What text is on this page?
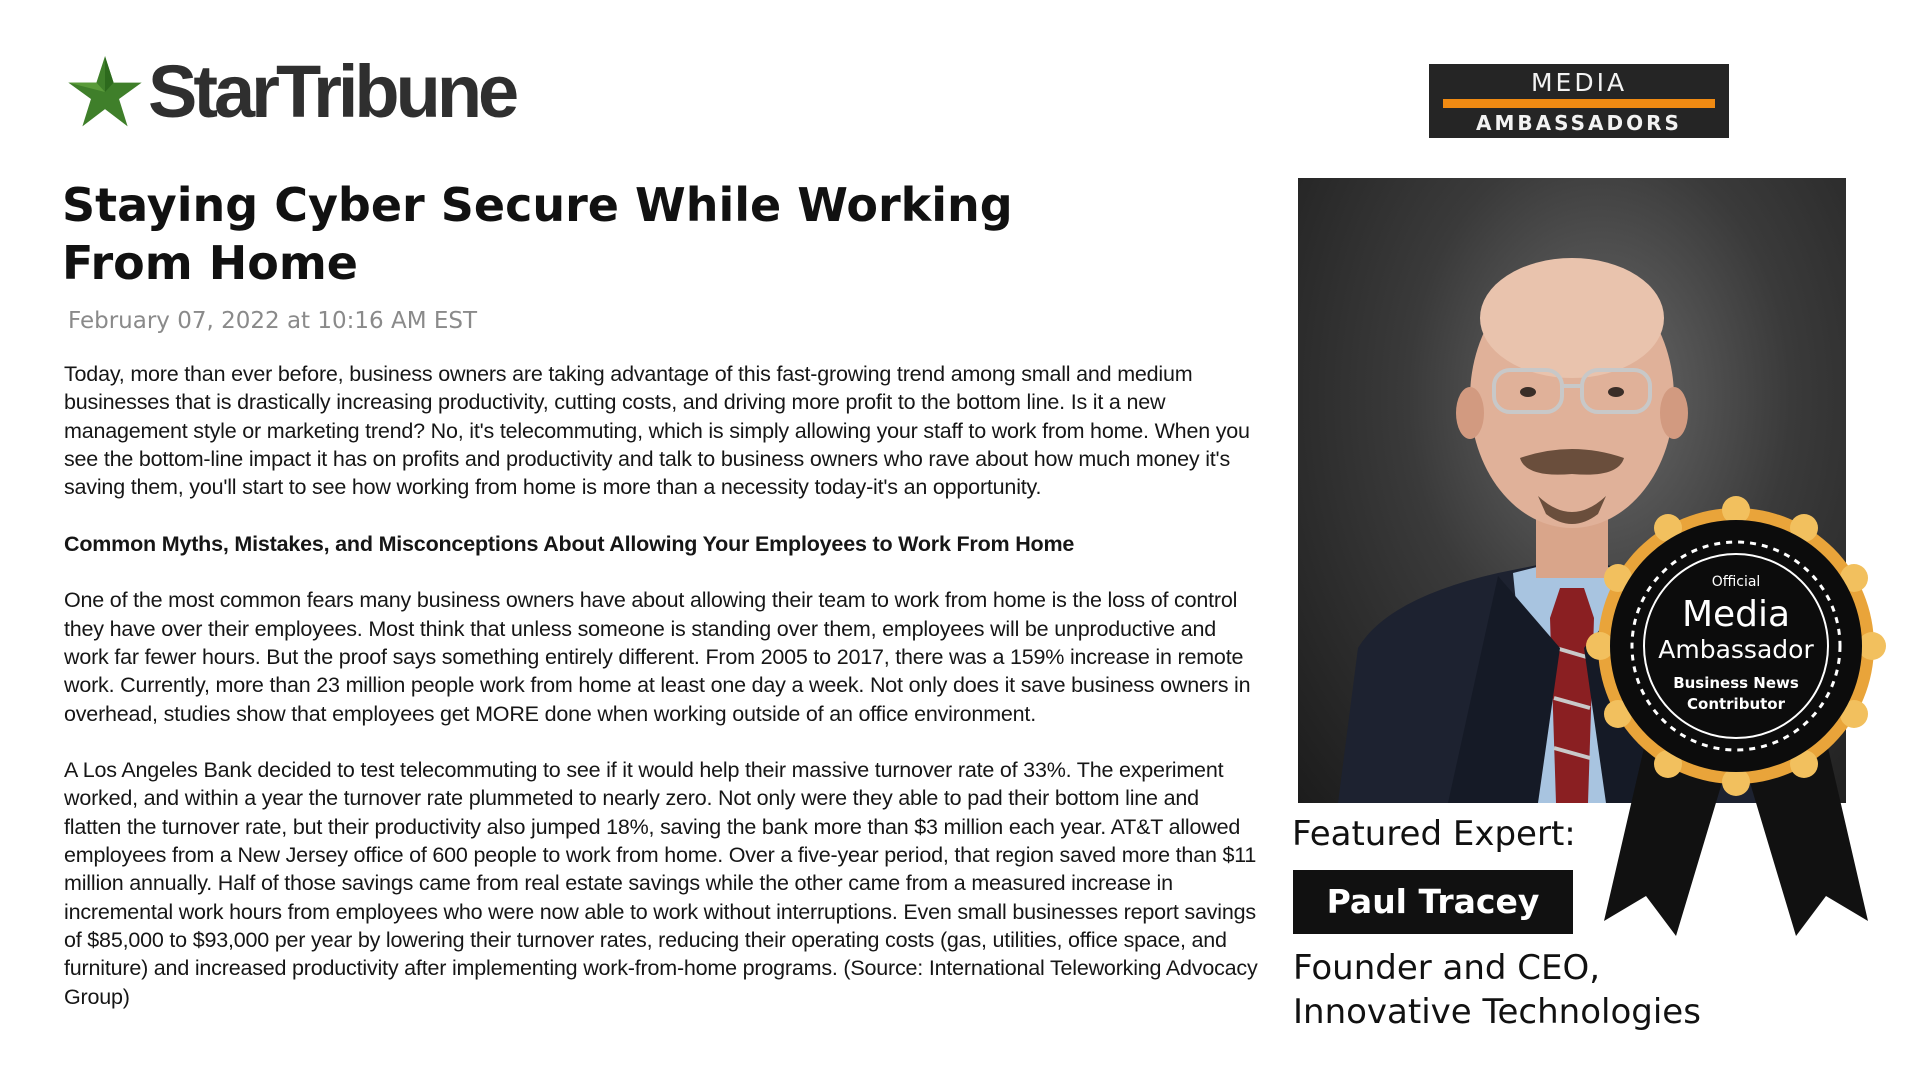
StarTribune	MEDIA
AMBASSADORS
Staying Cyber Secure While Working From Home
February 07, 2022 at 10:16 AM EST

Today, more than ever before, business owners are taking advantage of this fast-growing trend among small and medium businesses that is drastically increasing productivity, cutting costs, and driving more profit to the bottom line. Is it a new management style or marketing trend? No, it's telecommuting, which is simply allowing your staff to work from home. When you see the bottom-line impact it has on profits and productivity and talk to business owners who rave about how much money it's saving them, you'll start to see how working from home is more than a necessity today-it's an opportunity.

Common Myths, Mistakes, and Misconceptions About Allowing Your Employees to Work From Home

One of the most common fears many business owners have about allowing their team to work from home is the loss of control they have over their employees. Most think that unless someone is standing over them, employees will be unproductive and work far fewer hours. But the proof says something entirely different. From 2005 to 2017, there was a 159% increase in remote work. Currently, more than 23 million people work from home at least one day a week. Not only does it save business owners in overhead, studies show that employees get MORE done when working outside of an office environment.

A Los Angeles Bank decided to test telecommuting to see if it would help their massive turnover rate of 33%. The experiment worked, and within a year the turnover rate plummeted to nearly zero. Not only were they able to pad their bottom line and flatten the turnover rate, but their productivity also jumped 18%, saving the bank more than $3 million each year. AT&T allowed employees from a New Jersey office of 600 people to work from home. Over a five-year period, that region saved more than $11 million annually. Half of those savings came from real estate savings while the other came from a measured increase in incremental work hours from employees who were now able to work without interruptions. Even small businesses report savings of $85,000 to $93,000 per year by lowering their turnover rates, reducing their operating costs (gas, utilities, office space, and furniture) and increased productivity after implementing work-from-home programs. (Source: International Teleworking Advocacy Group)

Official
Media
Ambassador
Business News
Contributor
Featured Expert:
Paul Tracey
Founder and CEO,
Innovative Technologies
